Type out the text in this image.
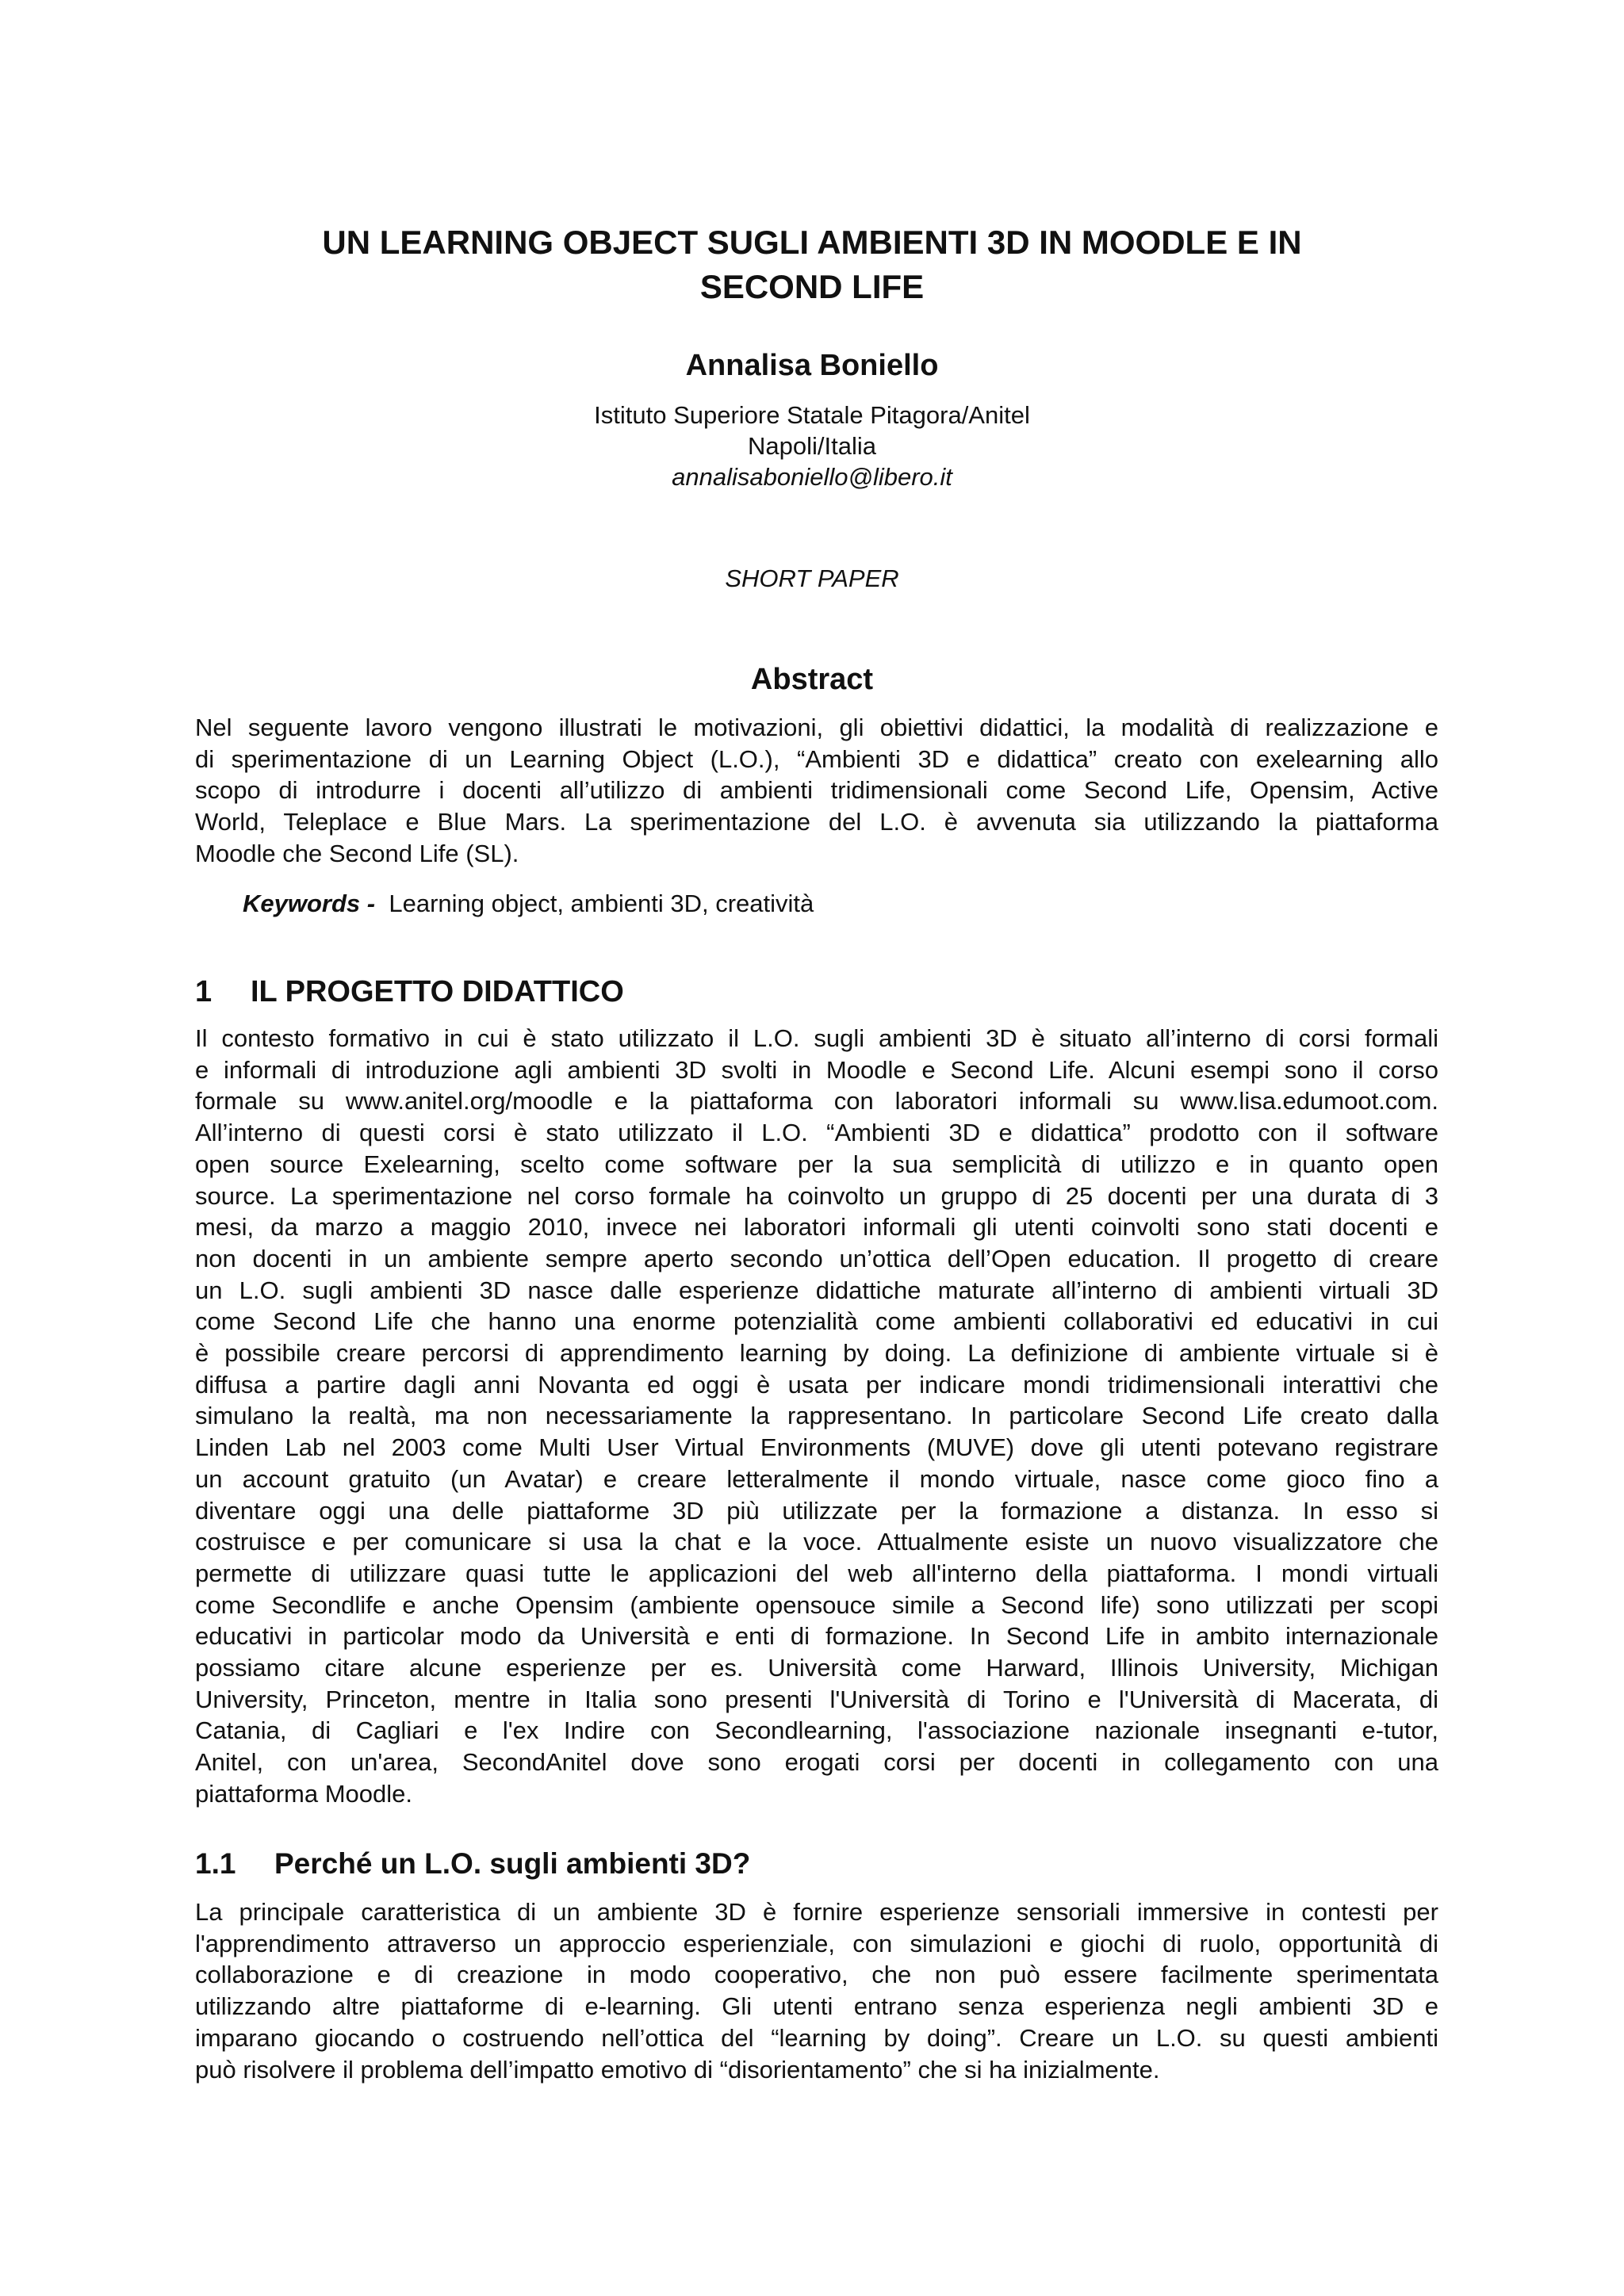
UN LEARNING OBJECT SUGLI AMBIENTI 3D IN MOODLE E IN
SECOND LIFE
Annalisa Boniello
Istituto Superiore Statale Pitagora/Anitel
Napoli/Italia
annalisaboniello@libero.it
SHORT PAPER
Abstract
Nel seguente lavoro vengono illustrati le motivazioni, gli obiettivi didattici, la modalità di realizzazione e
di sperimentazione di un Learning Object (L.O.), “Ambienti 3D e didattica” creato con exelearning allo
scopo di introdurre i docenti all’utilizzo di ambienti tridimensionali come Second Life, Opensim, Active
World, Teleplace e Blue Mars. La sperimentazione del L.O. è avvenuta sia utilizzando la piattaforma
Moodle che Second Life (SL).
Keywords - Learning object, ambienti 3D, creatività
1 IL PROGETTO DIDATTICO
Il contesto formativo in cui è stato utilizzato il L.O. sugli ambienti 3D è situato all’interno di corsi formali
e informali di introduzione agli ambienti 3D svolti in Moodle e Second Life. Alcuni esempi sono il corso
formale su www.anitel.org/moodle e la piattaforma con laboratori informali su www.lisa.edumoot.com.
All’interno di questi corsi è stato utilizzato il L.O. “Ambienti 3D e didattica” prodotto con il software
open source Exelearning, scelto come software per la sua semplicità di utilizzo e in quanto open
source. La sperimentazione nel corso formale ha coinvolto un gruppo di 25 docenti per una durata di 3
mesi, da marzo a maggio 2010, invece nei laboratori informali gli utenti coinvolti sono stati docenti e
non docenti in un ambiente sempre aperto secondo un’ottica dell’Open education. Il progetto di creare
un L.O. sugli ambienti 3D nasce dalle esperienze didattiche maturate all’interno di ambienti virtuali 3D
come Second Life che hanno una enorme potenzialità come ambienti collaborativi ed educativi in cui
è possibile creare percorsi di apprendimento learning by doing. La definizione di ambiente virtuale si è
diffusa a partire dagli anni Novanta ed oggi è usata per indicare mondi tridimensionali interattivi che
simulano la realtà, ma non necessariamente la rappresentano. In particolare Second Life creato dalla
Linden Lab nel 2003 come Multi User Virtual Environments (MUVE) dove gli utenti potevano registrare
un account gratuito (un Avatar) e creare letteralmente il mondo virtuale, nasce come gioco fino a
diventare oggi una delle piattaforme 3D più utilizzate per la formazione a distanza. In esso si
costruisce e per comunicare si usa la chat e la voce. Attualmente esiste un nuovo visualizzatore che
permette di utilizzare quasi tutte le applicazioni del web all'interno della piattaforma. I mondi virtuali
come Secondlife e anche Opensim (ambiente opensouce simile a Second life) sono utilizzati per scopi
educativi in particolar modo da Università e enti di formazione. In Second Life in ambito internazionale
possiamo citare alcune esperienze per es. Università come Harward, Illinois University, Michigan
University, Princeton, mentre in Italia sono presenti l'Università di Torino e l'Università di Macerata, di
Catania, di Cagliari e l'ex Indire con Secondlearning, l'associazione nazionale insegnanti e-tutor,
Anitel, con un'area, SecondAnitel dove sono erogati corsi per docenti in collegamento con una
piattaforma Moodle.
1.1 Perché un L.O. sugli ambienti 3D?
La principale caratteristica di un ambiente 3D è fornire esperienze sensoriali immersive in contesti per
l'apprendimento attraverso un approccio esperienziale, con simulazioni e giochi di ruolo, opportunità di
collaborazione e di creazione in modo cooperativo, che non può essere facilmente sperimentata
utilizzando altre piattaforme di e-learning. Gli utenti entrano senza esperienza negli ambienti 3D e
imparano giocando o costruendo nell’ottica del “learning by doing”. Creare un L.O. su questi ambienti
può risolvere il problema dell’impatto emotivo di “disorientamento” che si ha inizialmente.
